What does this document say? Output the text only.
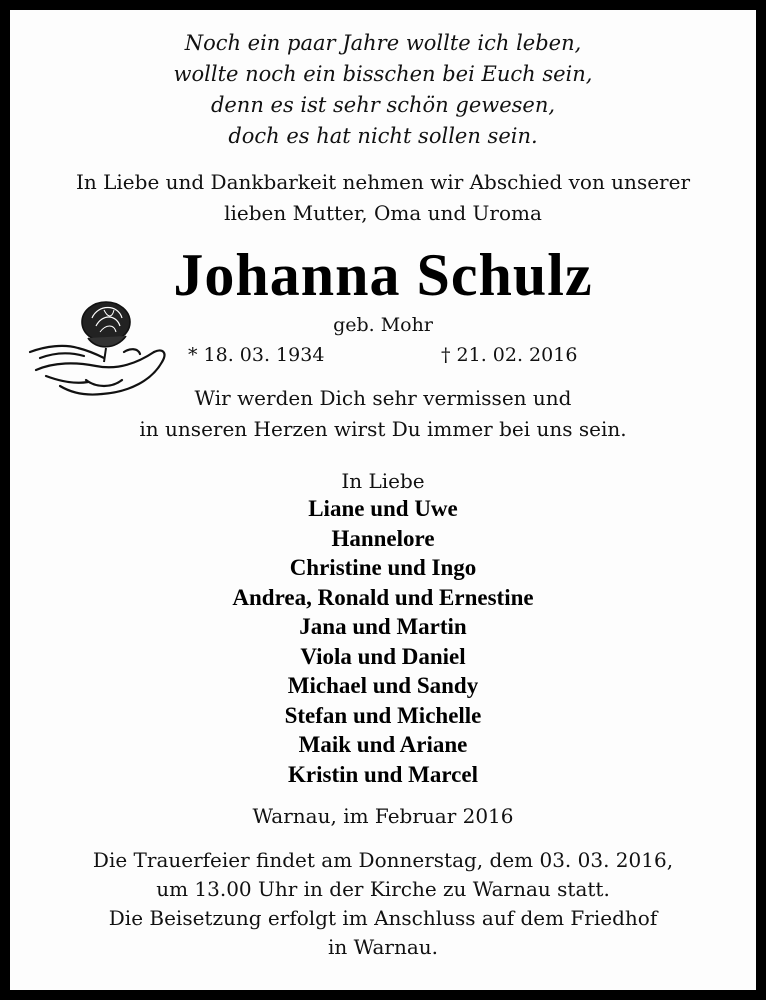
Noch ein paar Jahre wollte ich leben,
wollte noch ein bisschen bei Euch sein,
denn es ist sehr schön gewesen,
doch es hat nicht sollen sein.
In Liebe und Dankbarkeit nehmen wir Abschied von unserer
lieben Mutter, Oma und Uroma
Johanna Schulz
geb. Mohr
* 18. 03. 1934	† 21. 02. 2016
Wir werden Dich sehr vermissen und
in unseren Herzen wirst Du immer bei uns sein.
In Liebe
Liane und Uwe
Hannelore
Christine und Ingo
Andrea, Ronald und Ernestine
Jana und Martin
Viola und Daniel
Michael und Sandy
Stefan und Michelle
Maik und Ariane
Kristin und Marcel
Warnau, im Februar 2016
Die Trauerfeier findet am Donnerstag, dem 03. 03. 2016,
um 13.00 Uhr in der Kirche zu Warnau statt.
Die Beisetzung erfolgt im Anschluss auf dem Friedhof
in Warnau.
